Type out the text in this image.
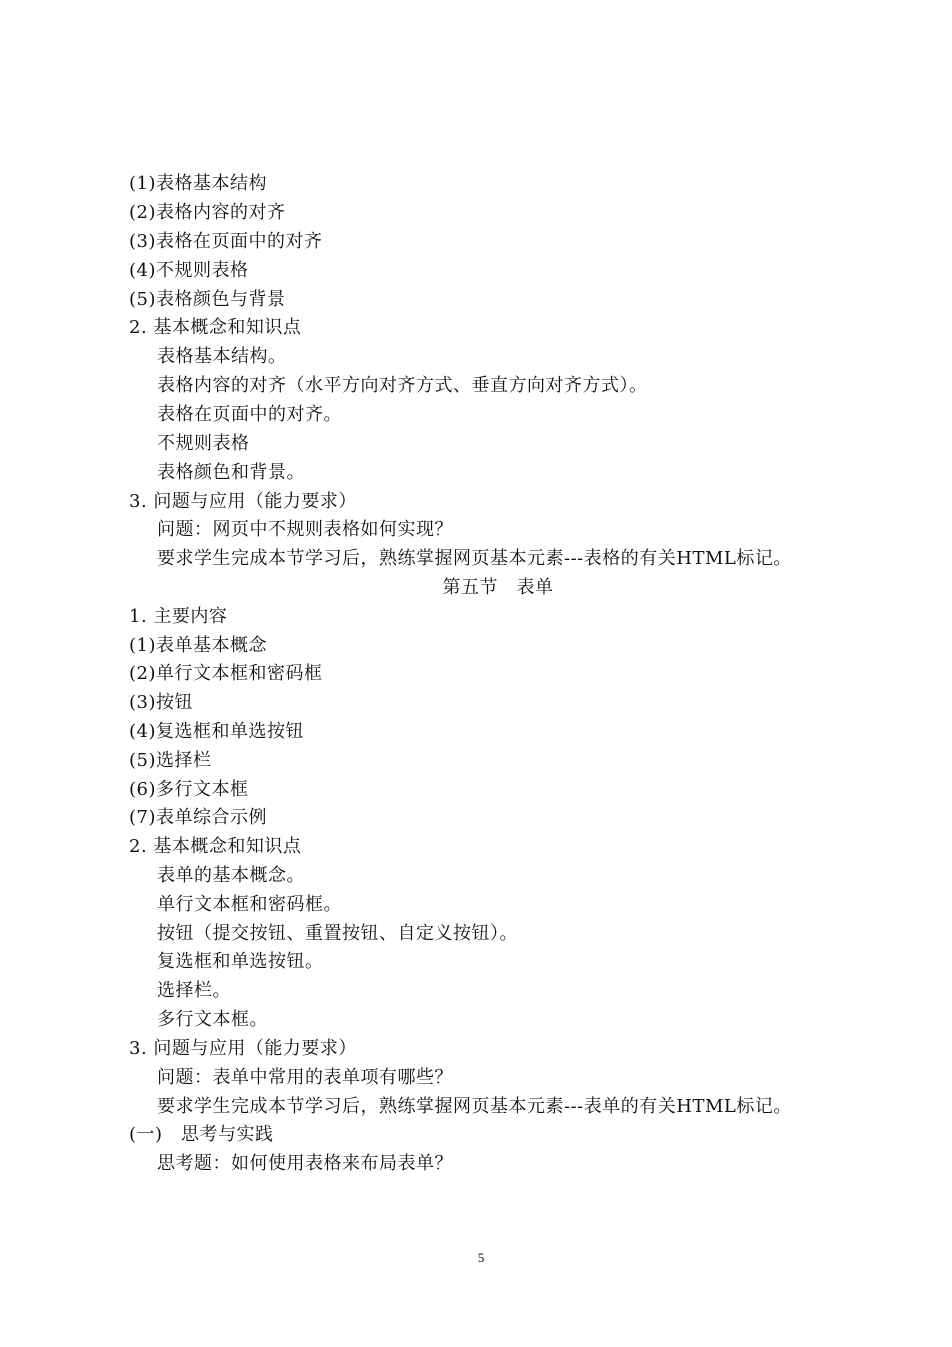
(1)表格基本结构
(2)表格内容的对齐
(3)表格在页面中的对齐
(4)不规则表格
(5)表格颜色与背景
2. 基本概念和知识点
表格基本结构。
表格内容的对齐（水平方向对齐方式、垂直方向对齐方式）。
表格在页面中的对齐。
不规则表格
表格颜色和背景。
3. 问题与应用（能力要求）
问题：网页中不规则表格如何实现？
要求学生完成本节学习后，熟练掌握网页基本元素---表格的有关HTML标记。
第五节　表单
1. 主要内容
(1)表单基本概念
(2)单行文本框和密码框
(3)按钮
(4)复选框和单选按钮
(5)选择栏
(6)多行文本框
(7)表单综合示例
2. 基本概念和知识点
表单的基本概念。
单行文本框和密码框。
按钮（提交按钮、重置按钮、自定义按钮）。
复选框和单选按钮。
选择栏。
多行文本框。
3. 问题与应用（能力要求）
问题：表单中常用的表单项有哪些？
要求学生完成本节学习后，熟练掌握网页基本元素---表单的有关HTML标记。
(一)　思考与实践
思考题：如何使用表格来布局表单？
5
